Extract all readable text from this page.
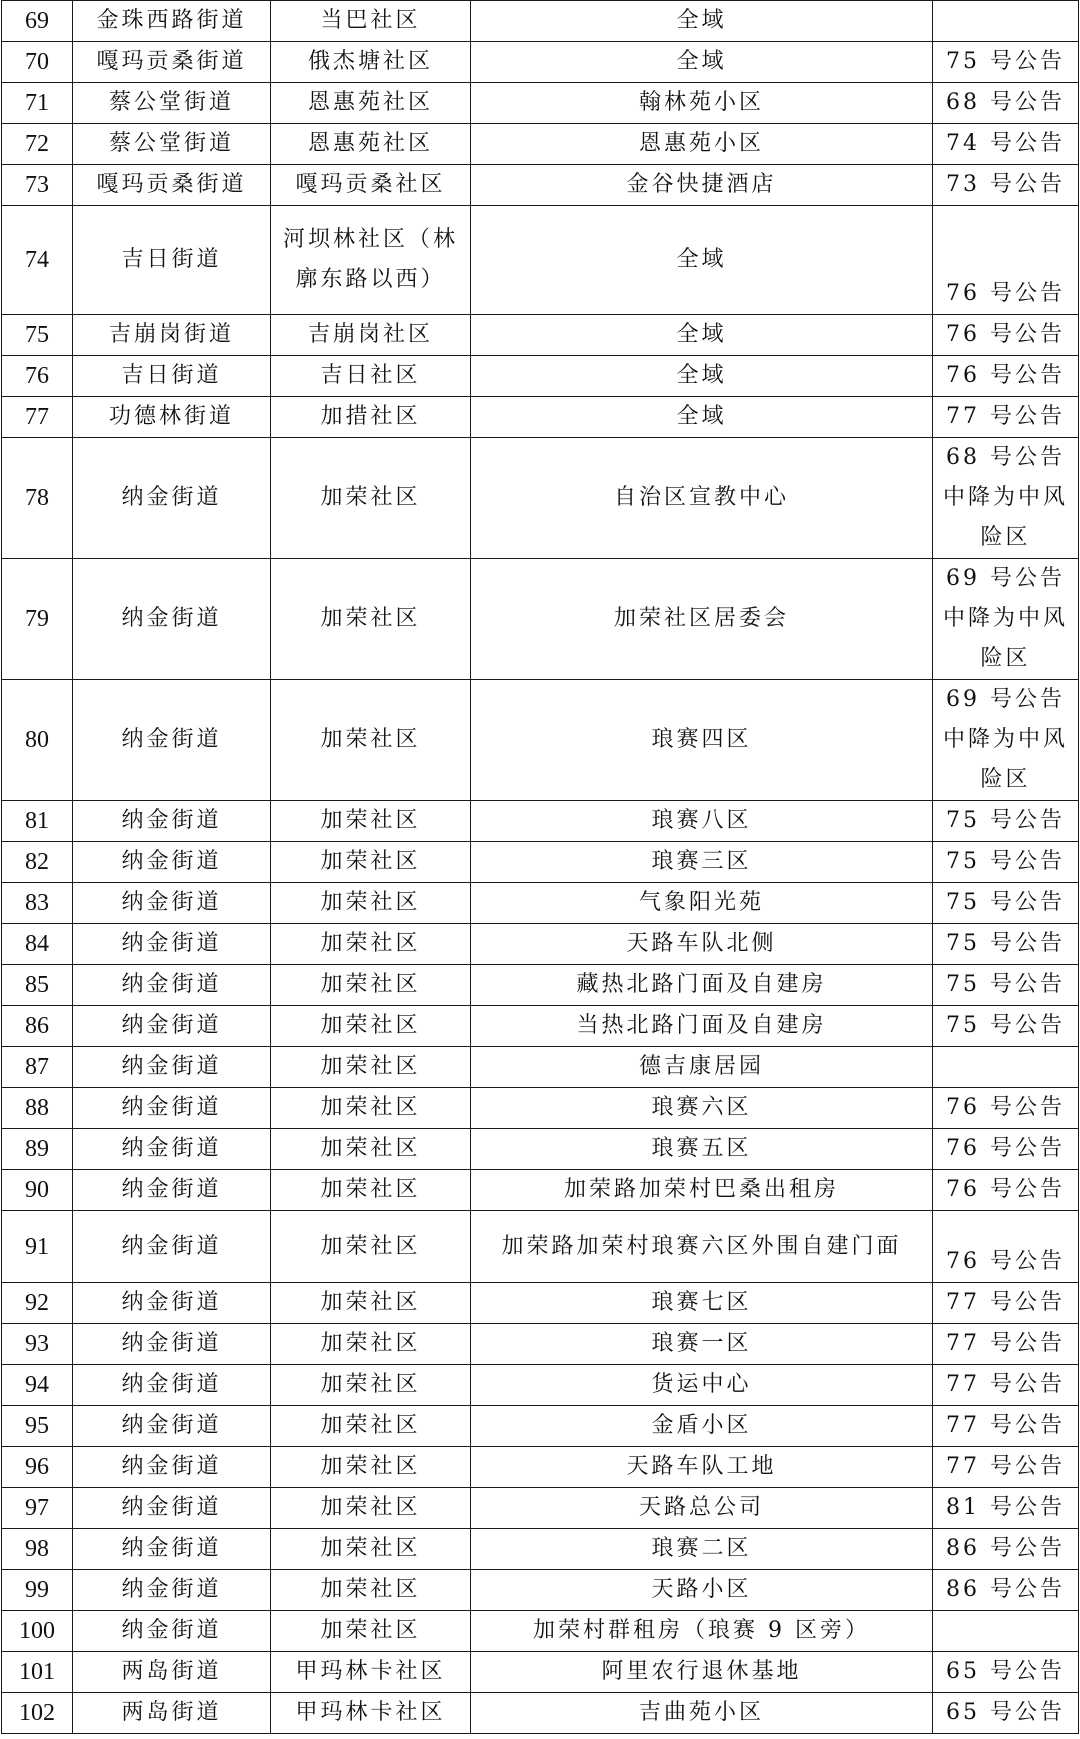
69	金珠西路街道	当巴社区	全域	
70	嘎玛贡桑街道	俄杰塘社区	全域	75 号公告
71	蔡公堂街道	恩惠苑社区	翰林苑小区	68 号公告
72	蔡公堂街道	恩惠苑社区	恩惠苑小区	74 号公告
73	嘎玛贡桑街道	嘎玛贡桑社区	金谷快捷酒店	73 号公告
74	吉日街道	河坝林社区（林廓东路以西）	全域	76 号公告
75	吉崩岗街道	吉崩岗社区	全域	76 号公告
76	吉日街道	吉日社区	全域	76 号公告
77	功德林街道	加措社区	全域	77 号公告
78	纳金街道	加荣社区	自治区宣教中心	68 号公告中降为中风险区
79	纳金街道	加荣社区	加荣社区居委会	69 号公告中降为中风险区
80	纳金街道	加荣社区	琅赛四区	69 号公告中降为中风险区
81	纳金街道	加荣社区	琅赛八区	75 号公告
82	纳金街道	加荣社区	琅赛三区	75 号公告
83	纳金街道	加荣社区	气象阳光苑	75 号公告
84	纳金街道	加荣社区	天路车队北侧	75 号公告
85	纳金街道	加荣社区	藏热北路门面及自建房	75 号公告
86	纳金街道	加荣社区	当热北路门面及自建房	75 号公告
87	纳金街道	加荣社区	德吉康居园	
88	纳金街道	加荣社区	琅赛六区	76 号公告
89	纳金街道	加荣社区	琅赛五区	76 号公告
90	纳金街道	加荣社区	加荣路加荣村巴桑出租房	76 号公告
91	纳金街道	加荣社区	加荣路加荣村琅赛六区外围自建门面	76 号公告
92	纳金街道	加荣社区	琅赛七区	77 号公告
93	纳金街道	加荣社区	琅赛一区	77 号公告
94	纳金街道	加荣社区	货运中心	77 号公告
95	纳金街道	加荣社区	金盾小区	77 号公告
96	纳金街道	加荣社区	天路车队工地	77 号公告
97	纳金街道	加荣社区	天路总公司	81 号公告
98	纳金街道	加荣社区	琅赛二区	86 号公告
99	纳金街道	加荣社区	天路小区	86 号公告
100	纳金街道	加荣社区	加荣村群租房（琅赛 9 区旁）	
101	两岛街道	甲玛林卡社区	阿里农行退休基地	65 号公告
102	两岛街道	甲玛林卡社区	吉曲苑小区	65 号公告
